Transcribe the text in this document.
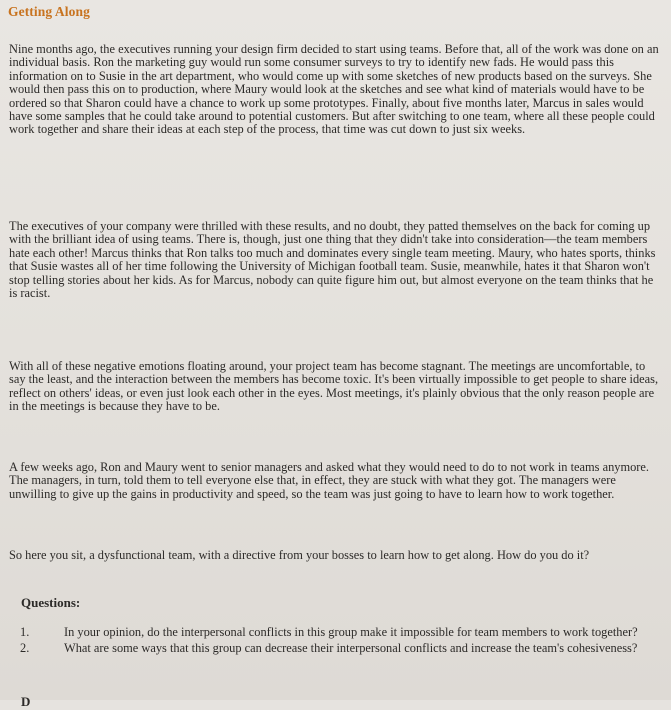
Getting Along

Nine months ago, the executives running your design firm decided to start using teams. Before that, all of the work was done on an individual basis. Ron the marketing guy would run some consumer surveys to try to identify new fads. He would pass this information on to Susie in the art department, who would come up with some sketches of new products based on the surveys. She would then pass this on to production, where Maury would look at the sketches and see what kind of materials would have to be ordered so that Sharon could have a chance to work up some prototypes. Finally, about five months later, Marcus in sales would have some samples that he could take around to potential customers. But after switching to one team, where all these people could work together and share their ideas at each step of the process, that time was cut down to just six weeks.

The executives of your company were thrilled with these results, and no doubt, they patted themselves on the back for coming up with the brilliant idea of using teams. There is, though, just one thing that they didn't take into consideration—the team members hate each other! Marcus thinks that Ron talks too much and dominates every single team meeting. Maury, who hates sports, thinks that Susie wastes all of her time following the University of Michigan football team. Susie, meanwhile, hates it that Sharon won't stop telling stories about her kids. As for Marcus, nobody can quite figure him out, but almost everyone on the team thinks that he is racist.

With all of these negative emotions floating around, your project team has become stagnant. The meetings are uncomfortable, to say the least, and the interaction between the members has become toxic. It's been virtually impossible to get people to share ideas, reflect on others' ideas, or even just look each other in the eyes. Most meetings, it's plainly obvious that the only reason people are in the meetings is because they have to be.

A few weeks ago, Ron and Maury went to senior managers and asked what they would need to do to not work in teams anymore. The managers, in turn, told them to tell everyone else that, in effect, they are stuck with what they got. The managers were unwilling to give up the gains in productivity and speed, so the team was just going to have to learn how to work together.

So here you sit, a dysfunctional team, with a directive from your bosses to learn how to get along. How do you do it?

Questions:
1.	In your opinion, do the interpersonal conflicts in this group make it impossible for team members to work together?
2.	What are some ways that this group can decrease their interpersonal conflicts and increase the team's cohesiveness?
D
